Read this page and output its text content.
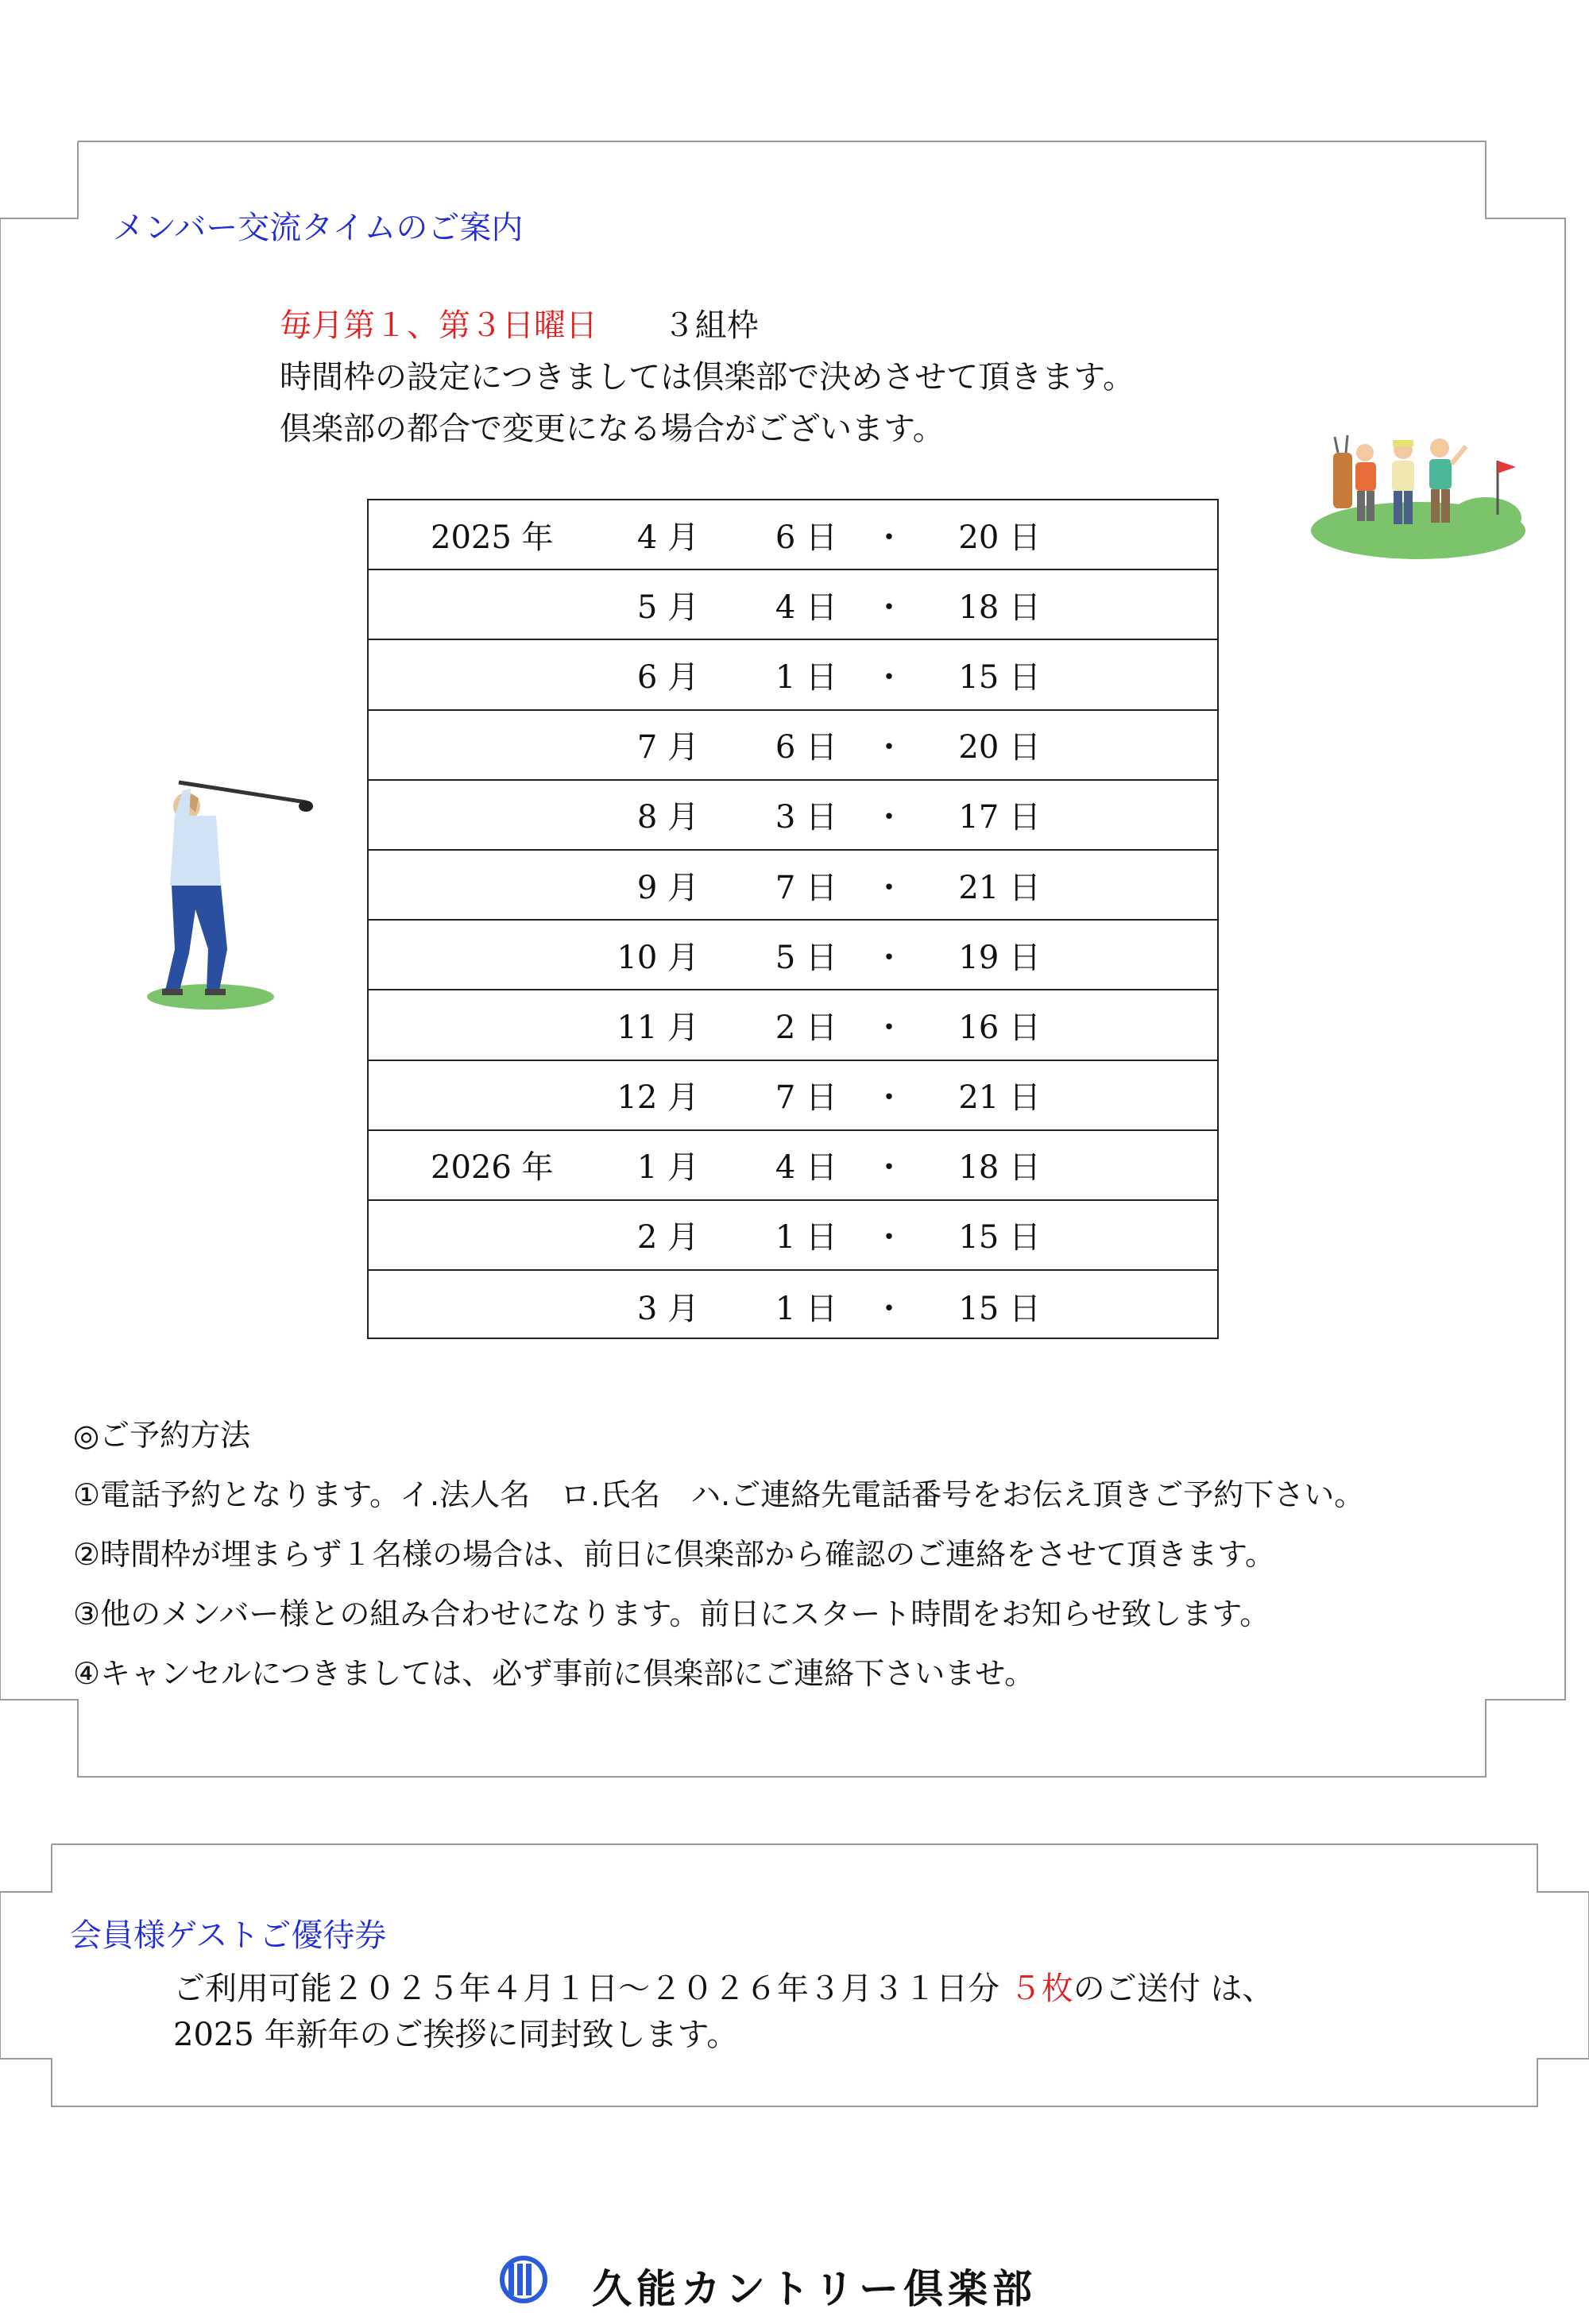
メンバー交流タイムのご案内
毎月第１、第３日曜日 ３組枠
時間枠の設定につきましては倶楽部で決めさせて頂きます。
倶楽部の都合で変更になる場合がございます。
2025 年	4 月 6 日 ・ 20 日
5 月 4 日 ・ 18 日
6 月 1 日 ・ 15 日
7 月 6 日 ・ 20 日
8 月 3 日 ・ 17 日
9 月 7 日 ・ 21 日
10 月 5 日 ・ 19 日
11 月 2 日 ・ 16 日
12 月 7 日 ・ 21 日
2026 年	1 月 4 日 ・ 18 日
2 月 1 日 ・ 15 日
3 月 1 日 ・ 15 日
◎ご予約方法
①電話予約となります。イ.法人名　ロ.氏名　ハ.ご連絡先電話番号をお伝え頂きご予約下さい。
②時間枠が埋まらず１名様の場合は、前日に倶楽部から確認のご連絡をさせて頂きます。
③他のメンバー様との組み合わせになります。前日にスタート時間をお知らせ致します。
④キャンセルにつきましては、必ず事前に倶楽部にご連絡下さいませ。
会員様ゲストご優待券
ご利用可能２０２５年４月１日～２０２６年３月３１日分 ５枚のご送付 は、
2025 年新年のご挨拶に同封致します。
久能カントリー倶楽部
